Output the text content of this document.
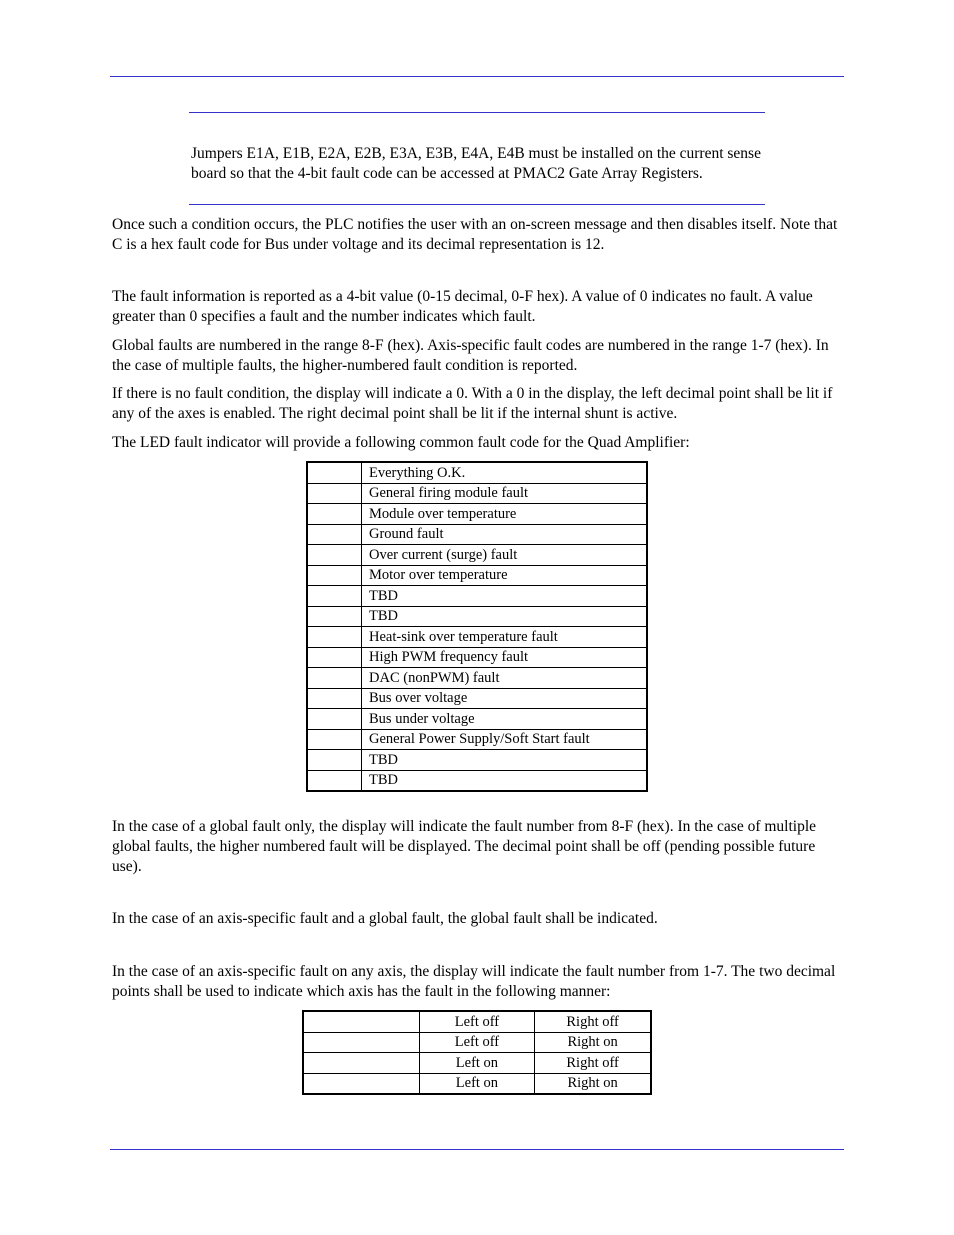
Jumpers E1A, E1B, E2A, E2B, E3A, E3B, E4A, E4B must be installed on the current sense board so that the 4-bit fault code can be accessed at PMAC2 Gate Array Registers.

Once such a condition occurs, the PLC notifies the user with an on-screen message and then disables itself. Note that C is a hex fault code for Bus under voltage and its decimal representation is 12.

The fault information is reported as a 4-bit value (0-15 decimal, 0-F hex). A value of 0 indicates no fault. A value greater than 0 specifies a fault and the number indicates which fault.

Global faults are numbered in the range 8-F (hex). Axis-specific fault codes are numbered in the range 1-7 (hex). In the case of multiple faults, the higher-numbered fault condition is reported.

If there is no fault condition, the display will indicate a 0. With a 0 in the display, the left decimal point shall be lit if any of the axes is enabled. The right decimal point shall be lit if the internal shunt is active.

The LED fault indicator will provide a following common fault code for the Quad Amplifier:

	Everything O.K.
	General firing module fault
	Module over temperature
	Ground fault
	Over current (surge) fault
	Motor over temperature
	TBD
	TBD
	Heat-sink over temperature fault
	High PWM frequency fault
	DAC (nonPWM) fault
	Bus over voltage
	Bus under voltage
	General Power Supply/Soft Start fault
	TBD
	TBD

In the case of a global fault only, the display will indicate the fault number from 8-F (hex). In the case of multiple global faults, the higher numbered fault will be displayed. The decimal point shall be off (pending possible future use).

In the case of an axis-specific fault and a global fault, the global fault shall be indicated.

In the case of an axis-specific fault on any axis, the display will indicate the fault number from 1-7. The two decimal points shall be used to indicate which axis has the fault in the following manner:

	Left off	Right off
	Left off	Right on
	Left on	Right off
	Left on	Right on
